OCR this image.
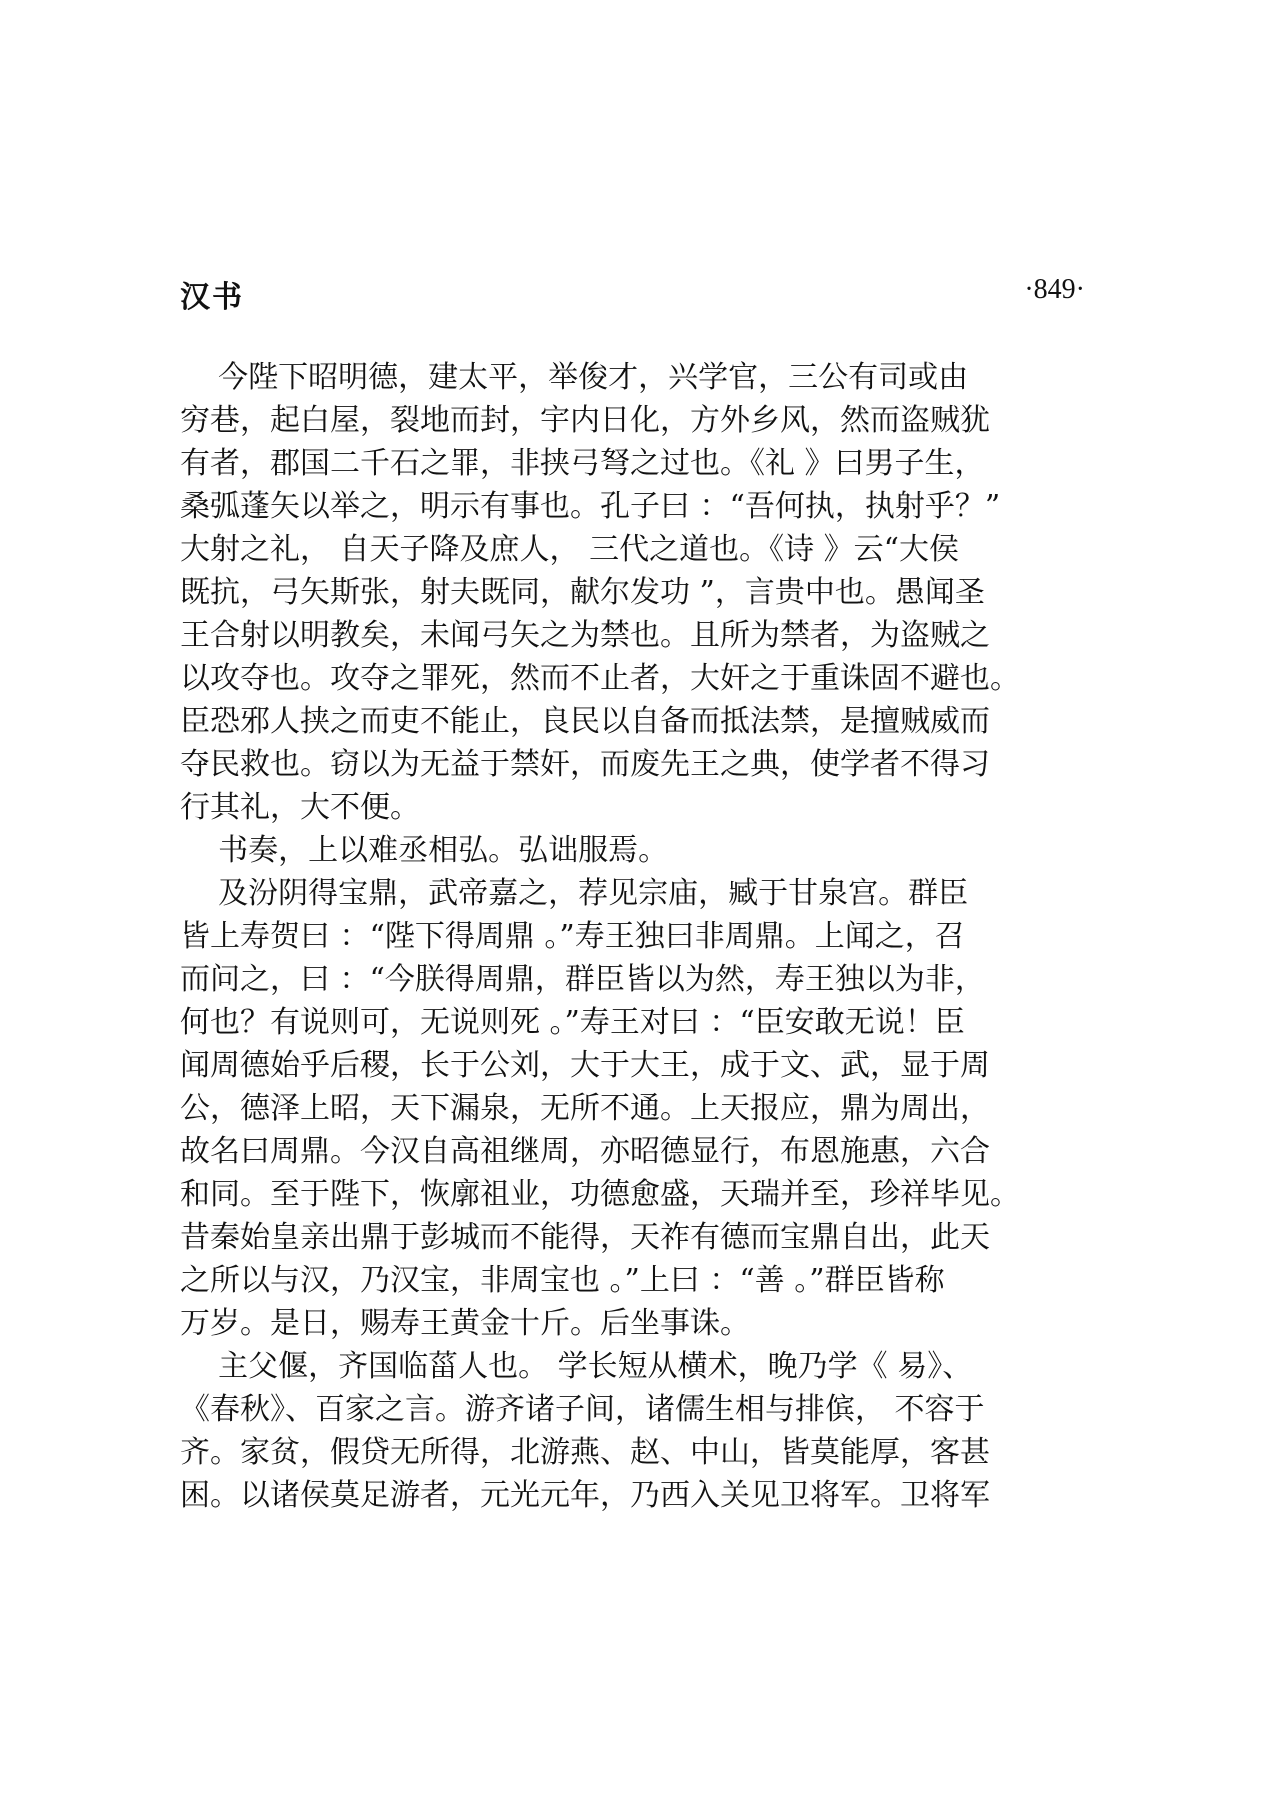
汉书	·849·
今陛下昭明德，建太平，举俊才，兴学官，三公有司或由
穷巷，起白屋，裂地而封，宇内日化，方外乡风，然而盗贼犹
有者，郡国二千石之罪，非挟弓弩之过也。《礼 》曰男子生，
桑弧蓬矢以举之，明示有事也。孔子曰 ：“吾何执，执射乎？”
大射之礼， 自天子降及庶人， 三代之道也。《诗 》云“大侯
既抗，弓矢斯张，射夫既同，献尔发功 ”，言贵中也。愚闻圣
王合射以明教矣，未闻弓矢之为禁也。且所为禁者，为盗贼之
以攻夺也。攻夺之罪死，然而不止者，大奸之于重诛固不避也。
臣恐邪人挟之而吏不能止，良民以自备而抵法禁，是擅贼威而
夺民救也。窃以为无益于禁奸，而废先王之典，使学者不得习
行其礼，大不便。
书奏，上以难丞相弘。弘诎服焉。
及汾阴得宝鼎，武帝嘉之，荐见宗庙，臧于甘泉宫。群臣
皆上寿贺曰 ：“陛下得周鼎 。”寿王独曰非周鼎。上闻之，召
而问之，曰 ：“今朕得周鼎，群臣皆以为然，寿王独以为非，
何也？有说则可，无说则死 。”寿王对曰 ：“臣安敢无说！臣
闻周德始乎后稷，长于公刘，大于大王，成于文、武，显于周
公，德泽上昭，天下漏泉，无所不通。上天报应，鼎为周出，
故名曰周鼎。今汉自高祖继周，亦昭德显行，布恩施惠，六合
和同。至于陛下，恢廓祖业，功德愈盛，天瑞并至，珍祥毕见。
昔秦始皇亲出鼎于彭城而不能得，天祚有德而宝鼎自出，此天
之所以与汉，乃汉宝，非周宝也 。”上曰 ：“善 。”群臣皆称
万岁。是日，赐寿王黄金十斤。后坐事诛。
主父偃，齐国临菑人也。 学长短从横术，晚乃学《 易》、
《春秋》、百家之言。游齐诸子间，诸儒生相与排傧， 不容于
齐。家贫，假贷无所得，北游燕、赵、中山，皆莫能厚，客甚
困。以诸侯莫足游者，元光元年，乃西入关见卫将军。卫将军
